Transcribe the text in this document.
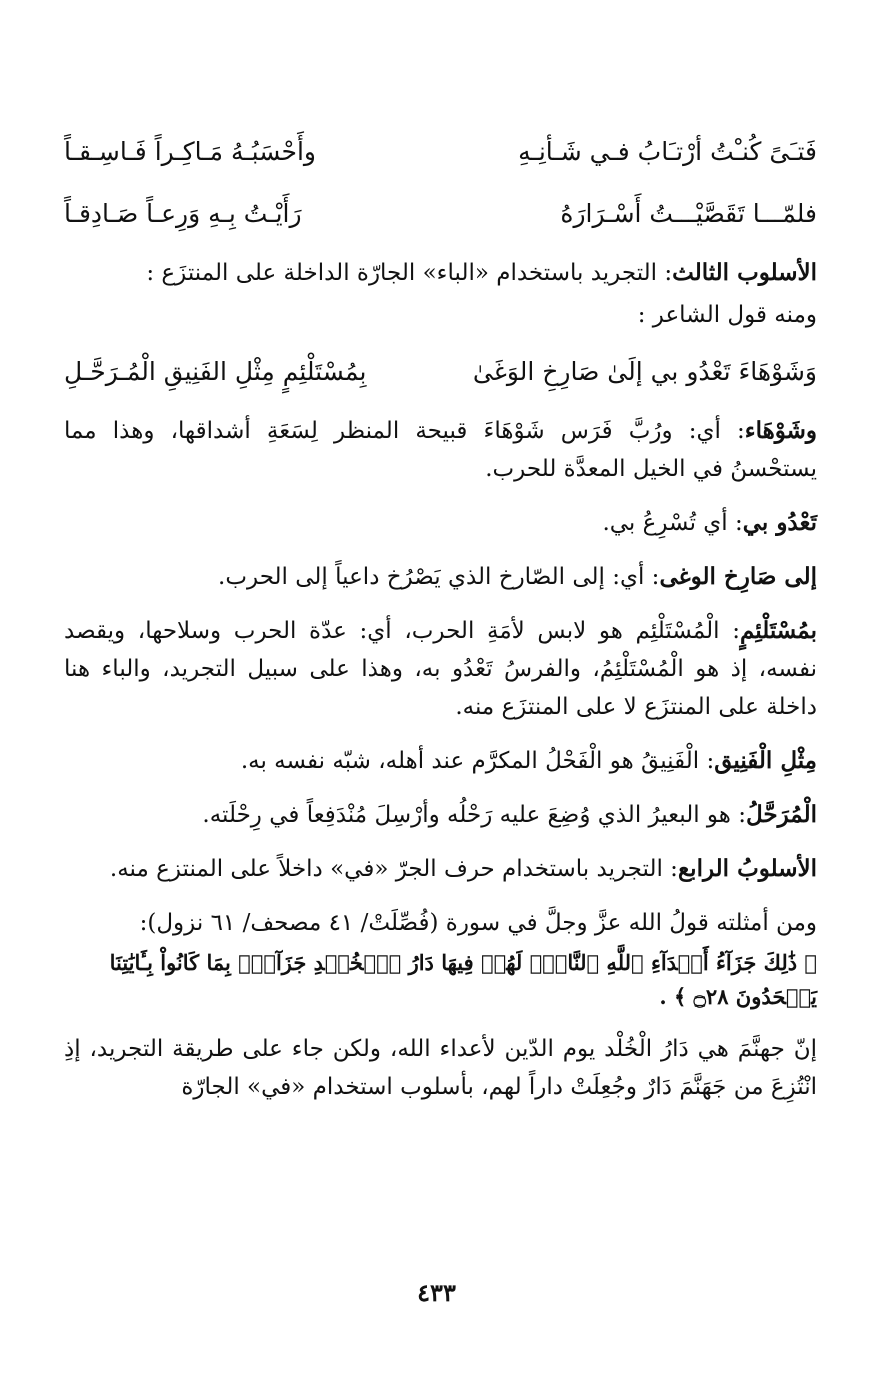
فَتـَىً كُنـْتُ أرْتـَابُ فـي شَـأنِـهِ
وأَحْسَبُـهُ مَـاكِـراً فَـاسِـقـاً
فلمّـــا تَقَصَّيْـــتُ أَسْـرَارَهُ
رَأَيْـتُ بِـهِ وَرِعـاً صَـادِقـاً

الأسلوب الثالث: التجريد باستخدام «الباء» الجارّة الداخلة على المنتزَع :

ومنه قول الشاعر :

وَشَوْهَاءَ تَعْدُو بي إلَىٰ صَارِخِ الوَغَىٰ
بِمُسْتَلْئِمٍ مِثْلِ الفَنِيقِ الْمُـرَحَّـلِ

وشَوْهَاء: أي: ورُبَّ فَرَس شَوْهَاءَ قبيحة المنظر لِسَعَةِ أشداقها، وهذا مما يستحْسنُ في الخيل المعدَّة للحرب.

تَعْدُو بي: أي تُسْرِعُ بي.

إلى صَارِخ الوغى: أي: إلى الصّارخ الذي يَصْرُخ داعياً إلى الحرب.

بمُسْتَلْئِمٍ: الْمُسْتَلْئِم هو لابس لأمَةِ الحرب، أي: عدّة الحرب وسلاحها، ويقصد نفسه، إذ هو الْمُسْتَلْئِمُ، والفرسُ تَعْدُو به، وهذا على سبيل التجريد، والباء هنا داخلة على المنتزَع لا على المنتزَع منه.

مِثْلِ الْفَنِيق: الْفَنِيقُ هو الْفَحْلُ المكرَّم عند أهله، شبّه نفسه به.

الْمُرَحَّلُ: هو البعيرُ الذي وُضِعَ عليه رَحْلُه وأرْسِلَ مُنْدَفِعاً في رِحْلَته.

الأسلوبُ الرابع: التجريد باستخدام حرف الجرّ «في» داخلاً على المنتزع منه.

ومن أمثلته قولُ الله عزَّ وجلَّ في سورة (فُصِّلَتْ/ ٤١ مصحف/ ٦١ نزول):

﴿ ذَٰلِكَ جَزَآءُ أَعۡدَآءِ ٱللَّهِ ٱلنَّارُۖ لَهُمۡ فِيهَا دَارُ ٱلۡخُلۡدِ جَزَآءَۢ بِمَا كَانُواْ بِـَٔايَٰتِنَا يَجۡحَدُونَ ۝٢٨ ﴾ .

إنّ جهنَّمَ هي دَارُ الْخُلْد يوم الدّين لأعداء الله، ولكن جاء على طريقة التجريد، إذِ انْتُزِعَ من جَهَنَّمَ دَارٌ وجُعِلَتْ داراً لهم، بأسلوب استخدام «في» الجارّة

٤٣٣
